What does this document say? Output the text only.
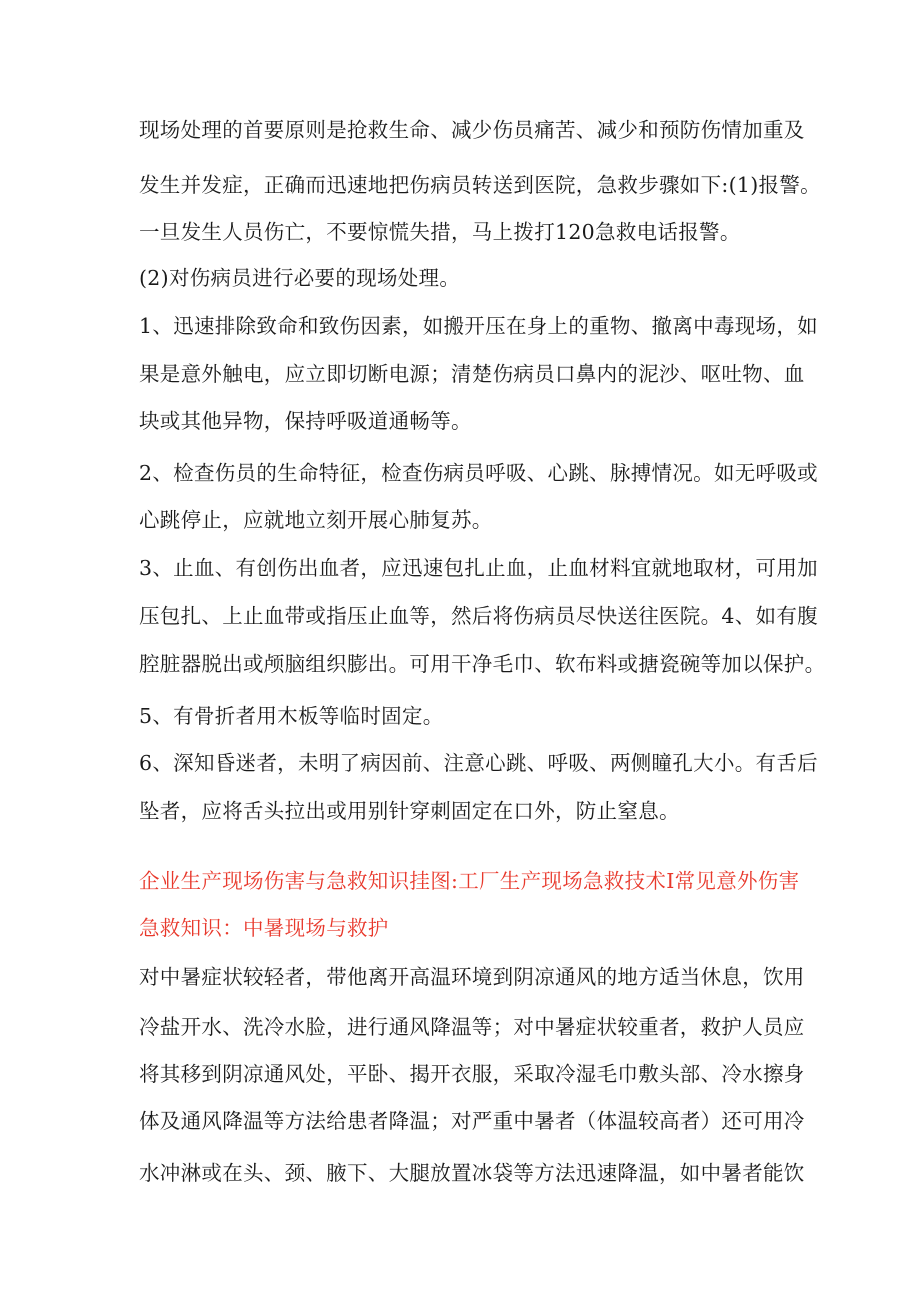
现场处理的首要原则是抢救生命、减少伤员痛苦、减少和预防伤情加重及
发生并发症，正确而迅速地把伤病员转送到医院，急救步骤如下:(1)报警。
一旦发生人员伤亡，不要惊慌失措，马上拨打120急救电话报警。
(2)对伤病员进行必要的现场处理。
1、迅速排除致命和致伤因素，如搬开压在身上的重物、撤离中毒现场，如
果是意外触电，应立即切断电源；清楚伤病员口鼻内的泥沙、呕吐物、血
块或其他异物，保持呼吸道通畅等。
2、检查伤员的生命特征，检查伤病员呼吸、心跳、脉搏情况。如无呼吸或
心跳停止，应就地立刻开展心肺复苏。
3、止血、有创伤出血者，应迅速包扎止血，止血材料宜就地取材，可用加
压包扎、上止血带或指压止血等，然后将伤病员尽快送往医院。4、如有腹
腔脏器脱出或颅脑组织膨出。可用干净毛巾、软布料或搪瓷碗等加以保护。
5、有骨折者用木板等临时固定。
6、深知昏迷者，未明了病因前、注意心跳、呼吸、两侧瞳孔大小。有舌后
坠者，应将舌头拉出或用别针穿刺固定在口外，防止窒息。
企业生产现场伤害与急救知识挂图:工厂生产现场急救技术I常见意外伤害
急救知识：中暑现场与救护
对中暑症状较轻者，带他离开高温环境到阴凉通风的地方适当休息，饮用
冷盐开水、洗冷水脸，进行通风降温等；对中暑症状较重者，救护人员应
将其移到阴凉通风处，平卧、揭开衣服，采取冷湿毛巾敷头部、冷水擦身
体及通风降温等方法给患者降温；对严重中暑者（体温较高者）还可用冷
水冲淋或在头、颈、腋下、大腿放置冰袋等方法迅速降温，如中暑者能饮
